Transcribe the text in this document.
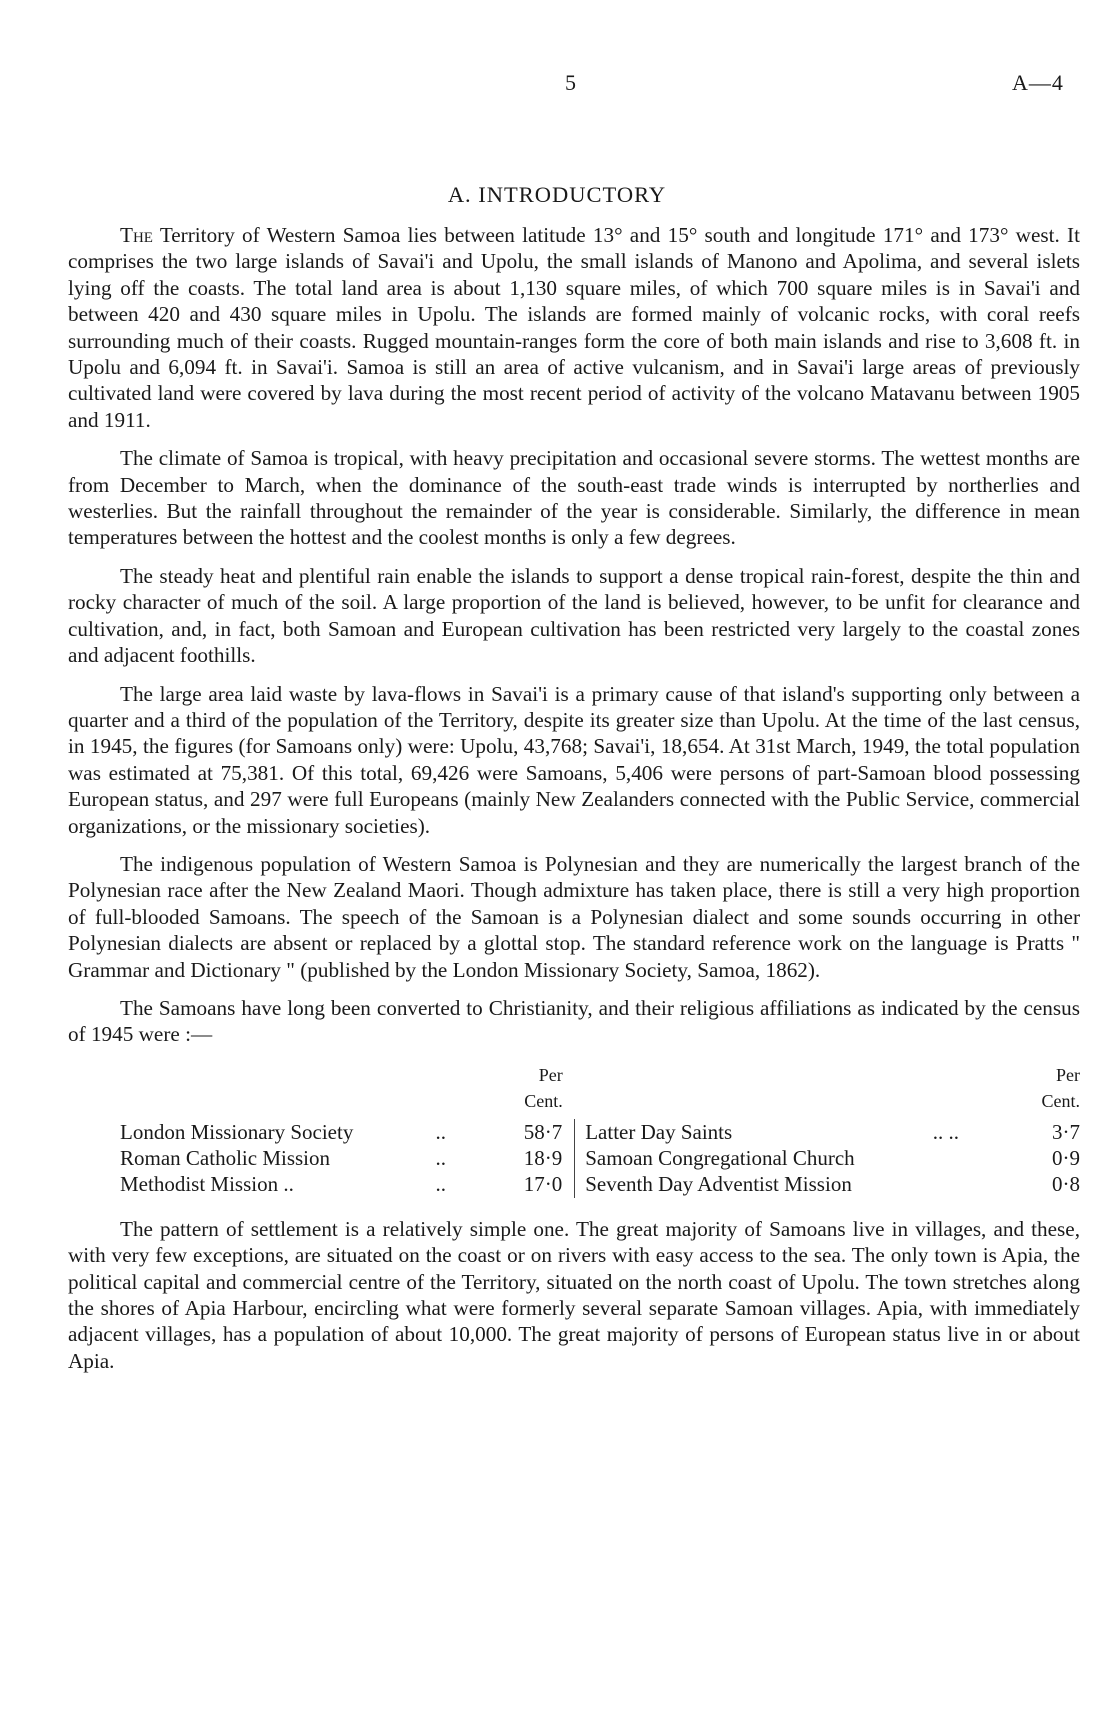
5	A—4
A. INTRODUCTORY

The Territory of Western Samoa lies between latitude 13° and 15° south and longitude 171° and 173° west. It comprises the two large islands of Savai'i and Upolu, the small islands of Manono and Apolima, and several islets lying off the coasts. The total land area is about 1,130 square miles, of which 700 square miles is in Savai'i and between 420 and 430 square miles in Upolu. The islands are formed mainly of volcanic rocks, with coral reefs surrounding much of their coasts. Rugged mountain-ranges form the core of both main islands and rise to 3,608 ft. in Upolu and 6,094 ft. in Savai'i. Samoa is still an area of active vulcanism, and in Savai'i large areas of previously cultivated land were covered by lava during the most recent period of activity of the volcano Matavanu between 1905 and 1911.

The climate of Samoa is tropical, with heavy precipitation and occasional severe storms. The wettest months are from December to March, when the dominance of the south-east trade winds is interrupted by northerlies and westerlies. But the rainfall throughout the remainder of the year is considerable. Similarly, the difference in mean temperatures between the hottest and the coolest months is only a few degrees.

The steady heat and plentiful rain enable the islands to support a dense tropical rain-forest, despite the thin and rocky character of much of the soil. A large proportion of the land is believed, however, to be unfit for clearance and cultivation, and, in fact, both Samoan and European cultivation has been restricted very largely to the coastal zones and adjacent foothills.

The large area laid waste by lava-flows in Savai'i is a primary cause of that island's supporting only between a quarter and a third of the population of the Territory, despite its greater size than Upolu. At the time of the last census, in 1945, the figures (for Samoans only) were: Upolu, 43,768; Savai'i, 18,654. At 31st March, 1949, the total population was estimated at 75,381. Of this total, 69,426 were Samoans, 5,406 were persons of part-Samoan blood possessing European status, and 297 were full Europeans (mainly New Zealanders connected with the Public Service, commercial organizations, or the missionary societies).

The indigenous population of Western Samoa is Polynesian and they are numerically the largest branch of the Polynesian race after the New Zealand Maori. Though admixture has taken place, there is still a very high proportion of full-blooded Samoans. The speech of the Samoan is a Polynesian dialect and some sounds occurring in other Polynesian dialects are absent or replaced by a glottal stop. The standard reference work on the language is Pratts " Grammar and Dictionary " (published by the London Missionary Society, Samoa, 1862).

The Samoans have long been converted to Christianity, and their religious affiliations as indicated by the census of 1945 were :—

		Per Cent.			Per Cent.
London Missionary Society	..	58·7	Latter Day Saints	.. ..	3·7
Roman Catholic Mission	..	18·9	Samoan Congregational Church		0·9
Methodist Mission ..	..	17·0	Seventh Day Adventist Mission		0·8

The pattern of settlement is a relatively simple one. The great majority of Samoans live in villages, and these, with very few exceptions, are situated on the coast or on rivers with easy access to the sea. The only town is Apia, the political capital and commercial centre of the Territory, situated on the north coast of Upolu. The town stretches along the shores of Apia Harbour, encircling what were formerly several separate Samoan villages. Apia, with immediately adjacent villages, has a population of about 10,000. The great majority of persons of European status live in or about Apia.
